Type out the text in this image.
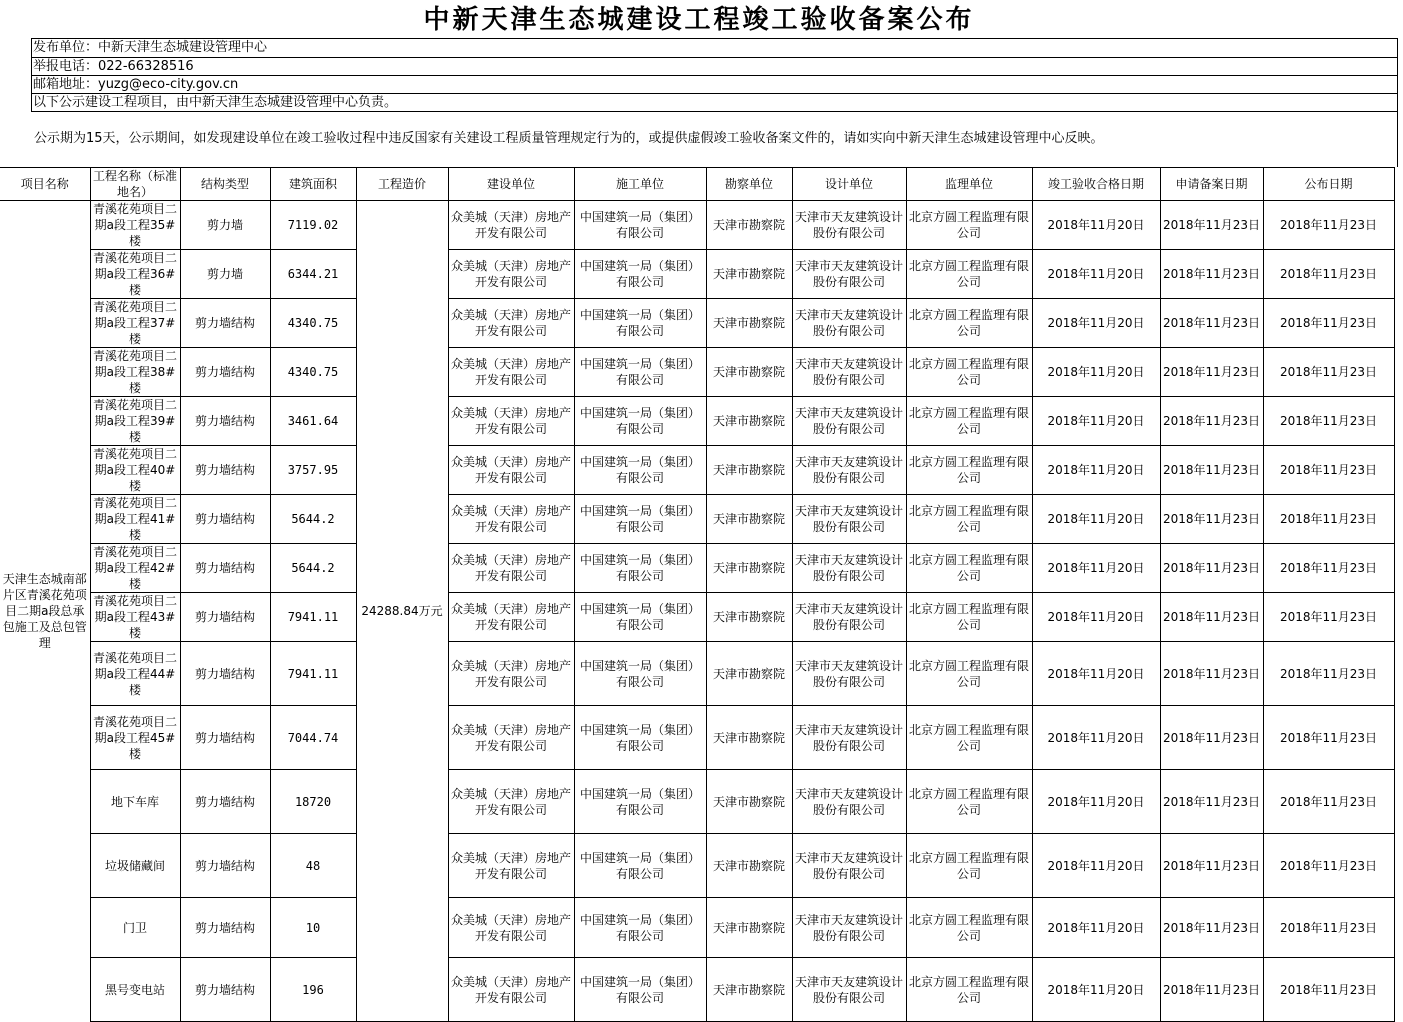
中新天津生态城建设工程竣工验收备案公布
发布单位：中新天津生态城建设管理中心
举报电话：022-66328516
邮箱地址：yuzg@eco-city.gov.cn
以下公示建设工程项目，由中新天津生态城建设管理中心负责。
公示期为15天，公示期间，如发现建设单位在竣工验收过程中违反国家有关建设工程质量管理规定行为的，或提供虚假竣工验收备案文件的，请如实向中新天津生态城建设管理中心反映。
项目名称	工程名称（标准地名）	结构类型	建筑面积	工程造价	建设单位	施工单位	勘察单位	设计单位	监理单位	竣工验收合格日期	申请备案日期	公布日期
天津生态城南部片区青溪花苑项目二期a段总承包施工及总包管理	青溪花苑项目二期a段工程35#楼	剪力墙	7119.02	24288.84万元	众美城（天津）房地产开发有限公司	中国建筑一局（集团）有限公司	天津市勘察院	天津市天友建筑设计股份有限公司	北京方圆工程监理有限公司	2018年11月20日	2018年11月23日	2018年11月23日
	青溪花苑项目二期a段工程36#楼	剪力墙	6344.21		众美城（天津）房地产开发有限公司	中国建筑一局（集团）有限公司	天津市勘察院	天津市天友建筑设计股份有限公司	北京方圆工程监理有限公司	2018年11月20日	2018年11月23日	2018年11月23日
	青溪花苑项目二期a段工程37#楼	剪力墙结构	4340.75		众美城（天津）房地产开发有限公司	中国建筑一局（集团）有限公司	天津市勘察院	天津市天友建筑设计股份有限公司	北京方圆工程监理有限公司	2018年11月20日	2018年11月23日	2018年11月23日
	青溪花苑项目二期a段工程38#楼	剪力墙结构	4340.75		众美城（天津）房地产开发有限公司	中国建筑一局（集团）有限公司	天津市勘察院	天津市天友建筑设计股份有限公司	北京方圆工程监理有限公司	2018年11月20日	2018年11月23日	2018年11月23日
	青溪花苑项目二期a段工程39#楼	剪力墙结构	3461.64		众美城（天津）房地产开发有限公司	中国建筑一局（集团）有限公司	天津市勘察院	天津市天友建筑设计股份有限公司	北京方圆工程监理有限公司	2018年11月20日	2018年11月23日	2018年11月23日
	青溪花苑项目二期a段工程40#楼	剪力墙结构	3757.95		众美城（天津）房地产开发有限公司	中国建筑一局（集团）有限公司	天津市勘察院	天津市天友建筑设计股份有限公司	北京方圆工程监理有限公司	2018年11月20日	2018年11月23日	2018年11月23日
	青溪花苑项目二期a段工程41#楼	剪力墙结构	5644.2		众美城（天津）房地产开发有限公司	中国建筑一局（集团）有限公司	天津市勘察院	天津市天友建筑设计股份有限公司	北京方圆工程监理有限公司	2018年11月20日	2018年11月23日	2018年11月23日
	青溪花苑项目二期a段工程42#楼	剪力墙结构	5644.2		众美城（天津）房地产开发有限公司	中国建筑一局（集团）有限公司	天津市勘察院	天津市天友建筑设计股份有限公司	北京方圆工程监理有限公司	2018年11月20日	2018年11月23日	2018年11月23日
	青溪花苑项目二期a段工程43#楼	剪力墙结构	7941.11		众美城（天津）房地产开发有限公司	中国建筑一局（集团）有限公司	天津市勘察院	天津市天友建筑设计股份有限公司	北京方圆工程监理有限公司	2018年11月20日	2018年11月23日	2018年11月23日
	青溪花苑项目二期a段工程44#楼	剪力墙结构	7941.11		众美城（天津）房地产开发有限公司	中国建筑一局（集团）有限公司	天津市勘察院	天津市天友建筑设计股份有限公司	北京方圆工程监理有限公司	2018年11月20日	2018年11月23日	2018年11月23日
	青溪花苑项目二期a段工程45#楼	剪力墙结构	7044.74		众美城（天津）房地产开发有限公司	中国建筑一局（集团）有限公司	天津市勘察院	天津市天友建筑设计股份有限公司	北京方圆工程监理有限公司	2018年11月20日	2018年11月23日	2018年11月23日
	地下车库	剪力墙结构	18720		众美城（天津）房地产开发有限公司	中国建筑一局（集团）有限公司	天津市勘察院	天津市天友建筑设计股份有限公司	北京方圆工程监理有限公司	2018年11月20日	2018年11月23日	2018年11月23日
	垃圾储藏间	剪力墙结构	48		众美城（天津）房地产开发有限公司	中国建筑一局（集团）有限公司	天津市勘察院	天津市天友建筑设计股份有限公司	北京方圆工程监理有限公司	2018年11月20日	2018年11月23日	2018年11月23日
	门卫	剪力墙结构	10		众美城（天津）房地产开发有限公司	中国建筑一局（集团）有限公司	天津市勘察院	天津市天友建筑设计股份有限公司	北京方圆工程监理有限公司	2018年11月20日	2018年11月23日	2018年11月23日
	黑号变电站	剪力墙结构	196		众美城（天津）房地产开发有限公司	中国建筑一局（集团）有限公司	天津市勘察院	天津市天友建筑设计股份有限公司	北京方圆工程监理有限公司	2018年11月20日	2018年11月23日	2018年11月23日
